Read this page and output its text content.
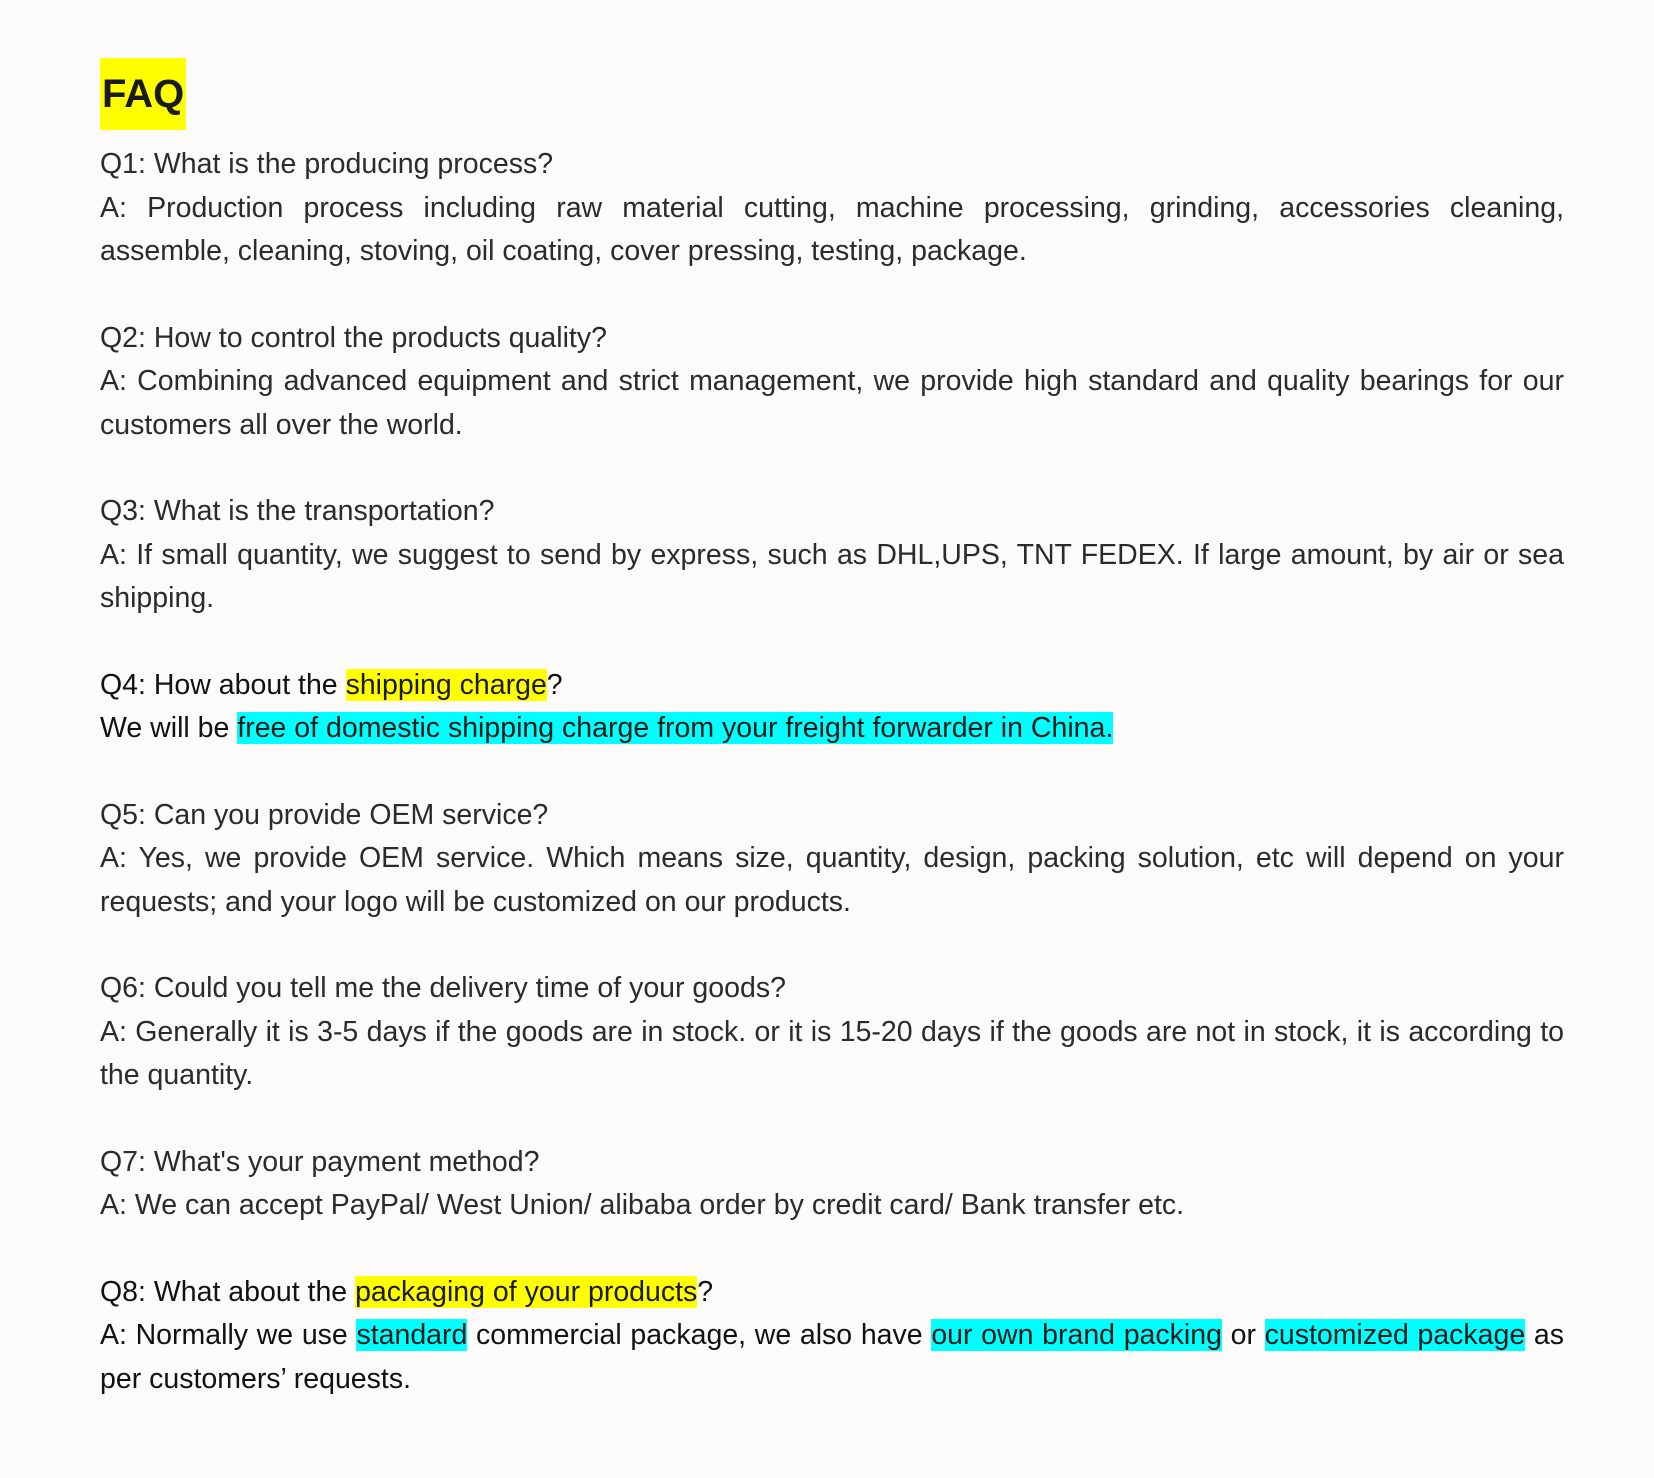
FAQ

Q1: What is the producing process?

A: Production process including raw material cutting, machine processing, grinding, accessories cleaning, assemble, cleaning, stoving, oil coating, cover pressing, testing, package.

Q2: How to control the products quality?

A: Combining advanced equipment and strict management, we provide high standard and quality bearings for our customers all over the world.

Q3: What is the transportation?

A: If small quantity, we suggest to send by express, such as DHL,UPS, TNT FEDEX. If large amount, by air or sea shipping.

Q4: How about the shipping charge?

We will be free of domestic shipping charge from your freight forwarder in China.

Q5: Can you provide OEM service?

A: Yes, we provide OEM service. Which means size, quantity, design, packing solution, etc will depend on your requests; and your logo will be customized on our products.

Q6: Could you tell me the delivery time of your goods?

A: Generally it is 3-5 days if the goods are in stock. or it is 15-20 days if the goods are not in stock, it is according to the quantity.

Q7: What's your payment method?

A: We can accept PayPal/ West Union/ alibaba order by credit card/ Bank transfer etc.

Q8: What about the packaging of your products?

A: Normally we use standard commercial package, we also have our own brand packing or customized package as per customers’ requests.
